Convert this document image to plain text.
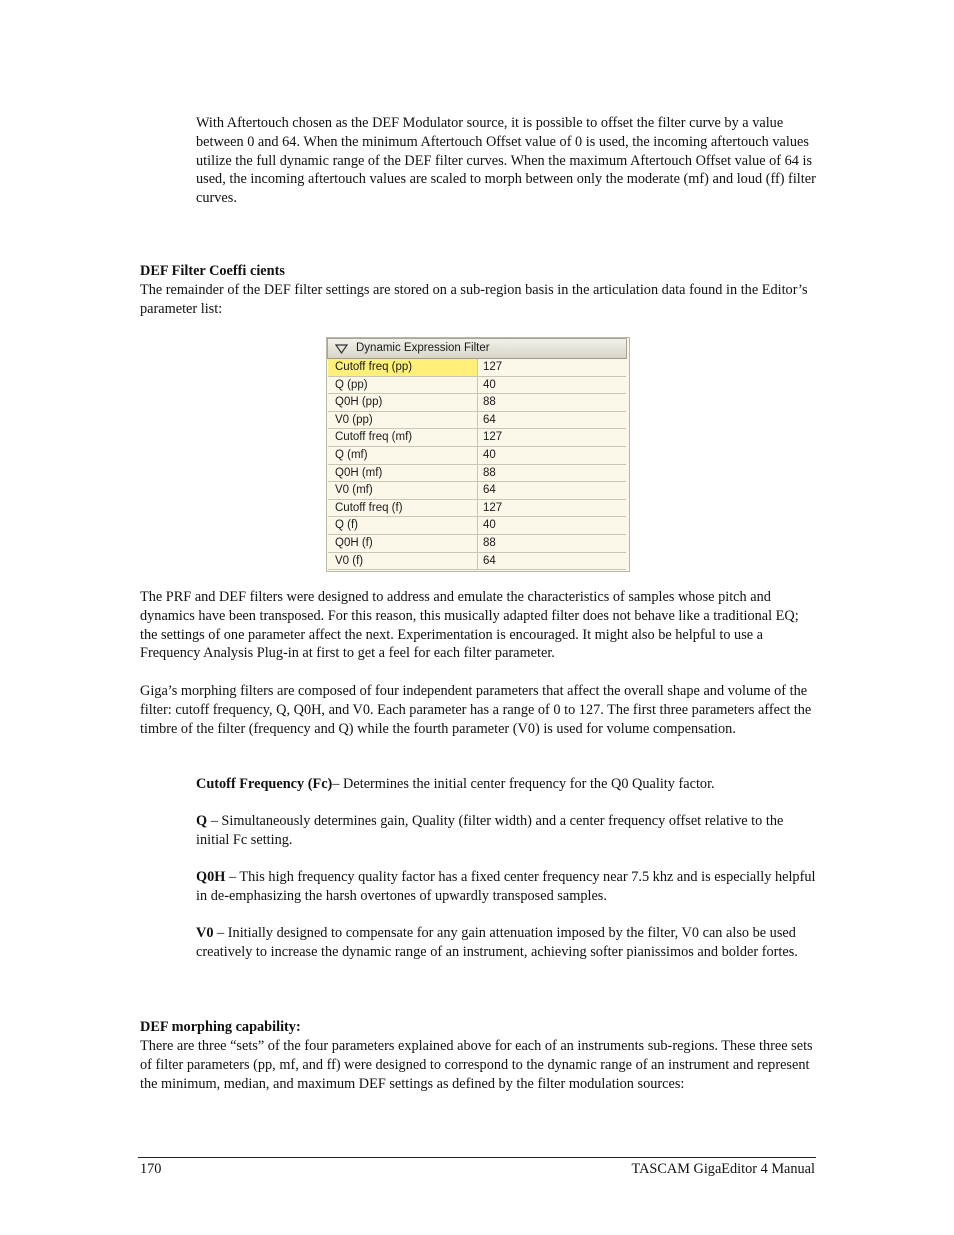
With Aftertouch chosen as the DEF Modulator source, it is possible to offset the filter curve by a value between 0 and 64. When the minimum Aftertouch Offset value of 0 is used, the incoming aftertouch values utilize the full dynamic range of the DEF filter curves. When the maximum Aftertouch Offset value of 64 is used, the incoming aftertouch values are scaled to morph between only the moderate (mf) and loud (ff) filter curves.

DEF Filter Coeffi cients

The remainder of the DEF filter settings are stored on a sub-region basis in the articulation data found in the Editor’s parameter list:

Dynamic Expression Filter
Cutoff freq (pp)	127
Q (pp)	40
Q0H (pp)	88
V0 (pp)	64
Cutoff freq (mf)	127
Q (mf)	40
Q0H (mf)	88
V0 (mf)	64
Cutoff freq (f)	127
Q (f)	40
Q0H (f)	88
V0 (f)	64

The PRF and DEF filters were designed to address and emulate the characteristics of samples whose pitch and dynamics have been transposed. For this reason, this musically adapted filter does not behave like a traditional EQ; the settings of one parameter affect the next. Experimentation is encouraged. It might also be helpful to use a Frequency Analysis Plug-in at first to get a feel for each filter parameter.

Giga’s morphing filters are composed of four independent parameters that affect the overall shape and volume of the filter: cutoff frequency, Q, Q0H, and V0. Each parameter has a range of 0 to 127. The first three parameters affect the timbre of the filter (frequency and Q) while the fourth parameter (V0) is used for volume compensation.

Cutoff Frequency (Fc)– Determines the initial center frequency for the Q0 Quality factor.

Q – Simultaneously determines gain, Quality (filter width) and a center frequency offset relative to the initial Fc setting.

Q0H – This high frequency quality factor has a fixed center frequency near 7.5 khz and is especially helpful in de-emphasizing the harsh overtones of upwardly transposed samples.

V0 – Initially designed to compensate for any gain attenuation imposed by the filter, V0 can also be used creatively to increase the dynamic range of an instrument, achieving softer pianissimos and bolder fortes.

DEF morphing capability:

There are three “sets” of the four parameters explained above for each of an instruments sub-regions. These three sets of filter parameters (pp, mf, and ff) were designed to correspond to the dynamic range of an instrument and represent the minimum, median, and maximum DEF settings as defined by the filter modulation sources:

170	TASCAM GigaEditor 4 Manual
